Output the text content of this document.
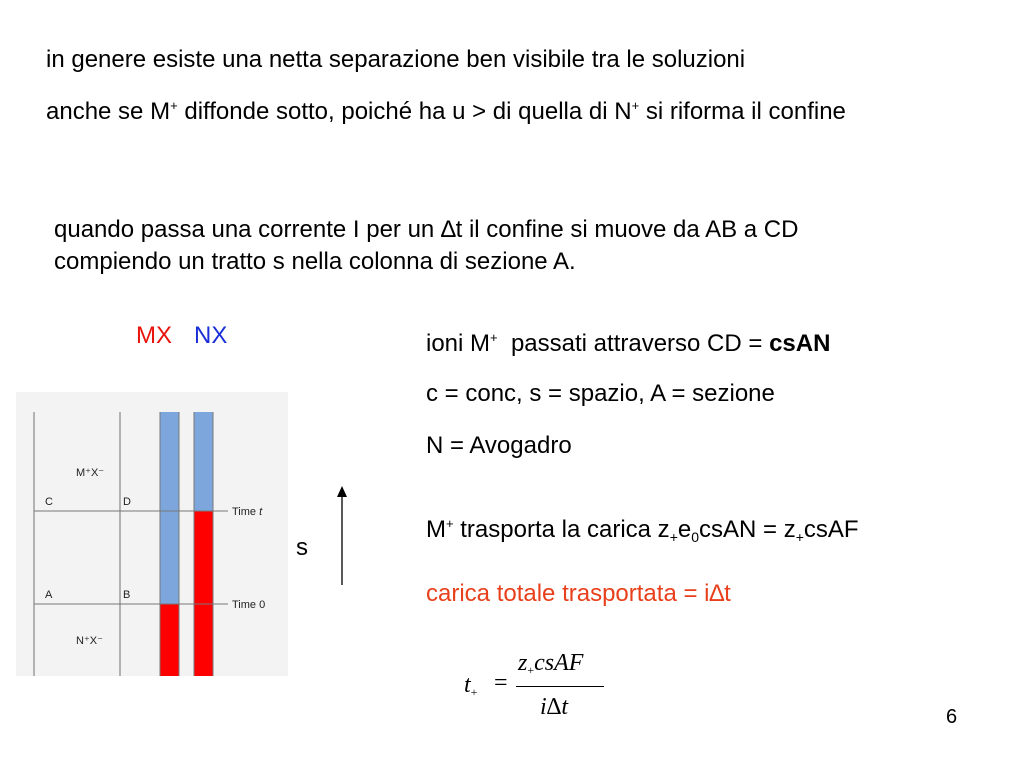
in genere esiste una netta separazione ben visibile tra le soluzioni

anche se M+ diffonde sotto, poiché ha u > di quella di N+ si riforma il confine

quando passa una corrente I per un ∆t il confine si muove da AB a CD compiendo un tratto s nella colonna di sezione A.

MX NX
M⁺X⁻
N⁺X⁻
C	D
A	B
Time t
Time 0
s

ioni M+  passati attraverso CD = csAN

c = conc, s = spazio, A = sezione

N = Avogadro

M+ trasporta la carica $z_+e_0csAN$ = $z_+csAF$

carica totale trasportata = i∆t

$t_+$ =
$z_+csAF$
i∆t	6
